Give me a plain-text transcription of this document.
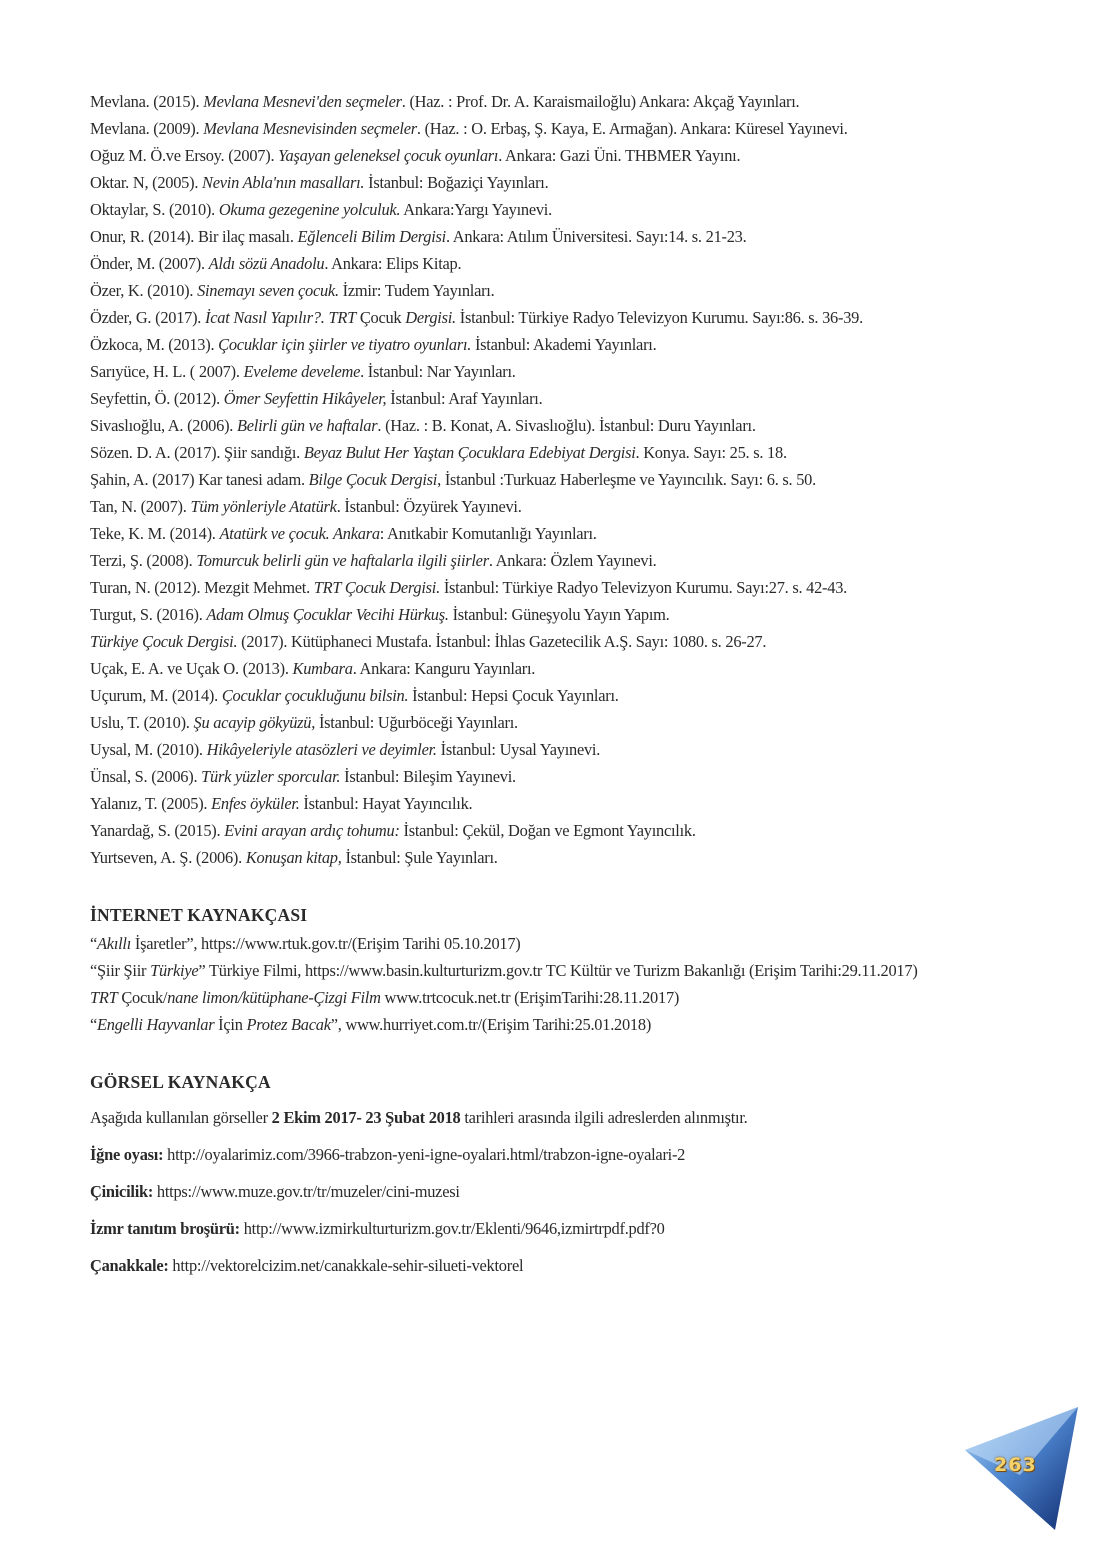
Mevlana. (2015). Mevlana Mesnevi'den seçmeler. (Haz. : Prof. Dr. A. Karaismailoğlu) Ankara: Akçağ Yayınları.

Mevlana. (2009). Mevlana Mesnevisinden seçmeler. (Haz. : O. Erbaş, Ş. Kaya, E. Armağan). Ankara: Küresel Yayınevi.

Oğuz M. Ö.ve Ersoy. (2007). Yaşayan geleneksel çocuk oyunları. Ankara: Gazi Üni. THBMER Yayını.

Oktar. N, (2005). Nevin Abla'nın masalları. İstanbul: Boğaziçi Yayınları.

Oktaylar, S. (2010). Okuma gezegenine yolculuk. Ankara:Yargı Yayınevi.

Onur, R. (2014). Bir ilaç masalı. Eğlenceli Bilim Dergisi. Ankara: Atılım Üniversitesi. Sayı:14. s. 21-23.

Önder, M. (2007). Aldı sözü Anadolu. Ankara: Elips Kitap.

Özer, K. (2010). Sinemayı seven çocuk. İzmir: Tudem Yayınları.

Özder, G. (2017). İcat Nasıl Yapılır?. TRT Çocuk Dergisi. İstanbul: Türkiye Radyo Televizyon Kurumu. Sayı:86. s. 36-39.

Özkoca, M. (2013). Çocuklar için şiirler ve tiyatro oyunları. İstanbul: Akademi Yayınları.

Sarıyüce, H. L. ( 2007). Eveleme develeme. İstanbul: Nar Yayınları.

Seyfettin, Ö. (2012). Ömer Seyfettin Hikâyeler, İstanbul: Araf Yayınları.

Sivaslıoğlu, A. (2006). Belirli gün ve haftalar. (Haz. : B. Konat, A. Sivaslıoğlu). İstanbul: Duru Yayınları.

Sözen. D. A. (2017). Şiir sandığı. Beyaz Bulut Her Yaştan Çocuklara Edebiyat Dergisi. Konya. Sayı: 25. s. 18.

Şahin, A. (2017) Kar tanesi adam. Bilge Çocuk Dergisi, İstanbul :Turkuaz Haberleşme ve Yayıncılık. Sayı: 6. s. 50.

Tan, N. (2007). Tüm yönleriyle Atatürk. İstanbul: Özyürek Yayınevi.

Teke, K. M. (2014). Atatürk ve çocuk. Ankara: Anıtkabir Komutanlığı Yayınları.

Terzi, Ş. (2008). Tomurcuk belirli gün ve haftalarla ilgili şiirler. Ankara: Özlem Yayınevi.

Turan, N. (2012). Mezgit Mehmet. TRT Çocuk Dergisi. İstanbul: Türkiye Radyo Televizyon Kurumu. Sayı:27. s. 42-43.

Turgut, S. (2016). Adam Olmuş Çocuklar Vecihi Hürkuş. İstanbul: Güneşyolu Yayın Yapım.

Türkiye Çocuk Dergisi. (2017). Kütüphaneci Mustafa. İstanbul: İhlas Gazetecilik A.Ş. Sayı: 1080. s. 26-27.

Uçak, E. A. ve Uçak O. (2013). Kumbara. Ankara: Kanguru Yayınları.

Uçurum, M. (2014). Çocuklar çocukluğunu bilsin. İstanbul: Hepsi Çocuk Yayınları.

Uslu, T. (2010). Şu acayip gökyüzü, İstanbul: Uğurböceği Yayınları.

Uysal, M. (2010). Hikâyeleriyle atasözleri ve deyimler. İstanbul: Uysal Yayınevi.

Ünsal, S. (2006). Türk yüzler sporcular. İstanbul: Bileşim Yayınevi.

Yalanız, T. (2005). Enfes öyküler. İstanbul: Hayat Yayıncılık.

Yanardağ, S. (2015). Evini arayan ardıç tohumu: İstanbul: Çekül, Doğan ve Egmont Yayıncılık.

Yurtseven, A. Ş. (2006). Konuşan kitap, İstanbul: Şule Yayınları.

İNTERNET KAYNAKÇASI

“Akıllı İşaretler”, https://www.rtuk.gov.tr/(Erişim Tarihi 05.10.2017)

“Şiir Şiir Türkiye” Türkiye Filmi, https://www.basin.kulturturizm.gov.tr TC Kültür ve Turizm Bakanlığı (Erişim Tarihi:29.11.2017)

TRT Çocuk/nane limon/kütüphane-Çizgi Film www.trtcocuk.net.tr (ErişimTarihi:28.11.2017)

“Engelli Hayvanlar İçin Protez Bacak”, www.hurriyet.com.tr/(Erişim Tarihi:25.01.2018)

GÖRSEL KAYNAKÇA

Aşağıda kullanılan görseller 2 Ekim 2017- 23 Şubat 2018 tarihleri arasında ilgili adreslerden alınmıştır.

İğne oyası: http://oyalarimiz.com/3966-trabzon-yeni-igne-oyalari.html/trabzon-igne-oyalari-2

Çinicilik: https://www.muze.gov.tr/tr/muzeler/cini-muzesi

İzmr tanıtım broşürü: http://www.izmirkulturturizm.gov.tr/Eklenti/9646,izmirtrpdf.pdf?0

Çanakkale: http://vektorelcizim.net/canakkale-sehir-silueti-vektorel

263
